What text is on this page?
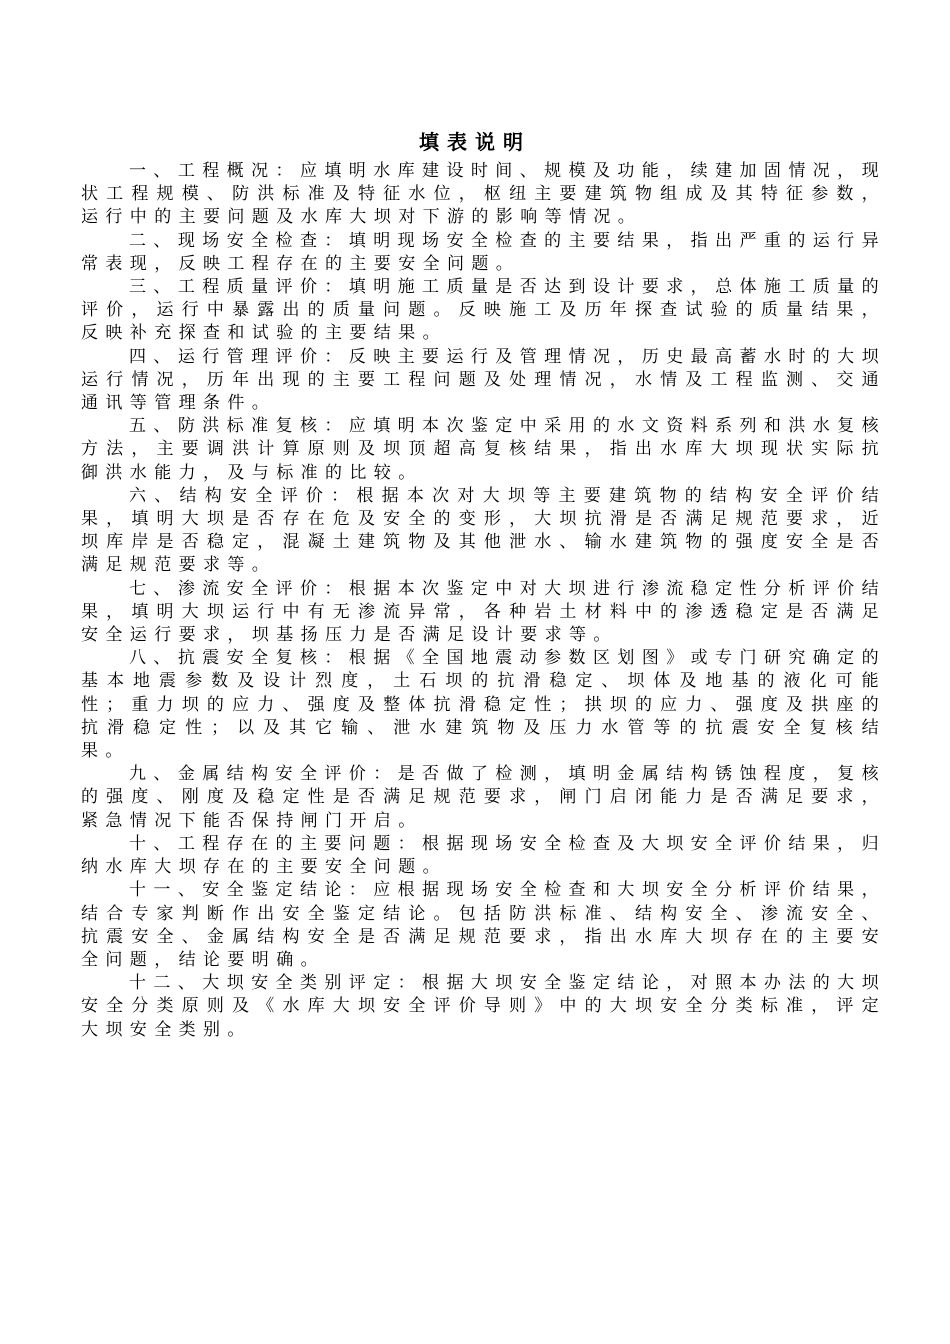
填表说明

一、工程概况：应填明水库建设时间、规模及功能，续建加固情况，现状工程规模、防洪标准及特征水位，枢纽主要建筑物组成及其特征参数，运行中的主要问题及水库大坝对下游的影响等情况。

二、现场安全检查：填明现场安全检查的主要结果，指出严重的运行异常表现，反映工程存在的主要安全问题。

三、工程质量评价：填明施工质量是否达到设计要求，总体施工质量的评价，运行中暴露出的质量问题。反映施工及历年探查试验的质量结果，反映补充探查和试验的主要结果。

四、运行管理评价：反映主要运行及管理情况，历史最高蓄水时的大坝运行情况，历年出现的主要工程问题及处理情况，水情及工程监测、交通通讯等管理条件。

五、防洪标准复核：应填明本次鉴定中采用的水文资料系列和洪水复核方法，主要调洪计算原则及坝顶超高复核结果，指出水库大坝现状实际抗御洪水能力，及与标准的比较。

六、结构安全评价：根据本次对大坝等主要建筑物的结构安全评价结果，填明大坝是否存在危及安全的变形，大坝抗滑是否满足规范要求，近坝库岸是否稳定，混凝土建筑物及其他泄水、输水建筑物的强度安全是否满足规范要求等。

七、渗流安全评价：根据本次鉴定中对大坝进行渗流稳定性分析评价结果，填明大坝运行中有无渗流异常，各种岩土材料中的渗透稳定是否满足安全运行要求，坝基扬压力是否满足设计要求等。

八、抗震安全复核：根据《全国地震动参数区划图》或专门研究确定的基本地震参数及设计烈度，土石坝的抗滑稳定、坝体及地基的液化可能性；重力坝的应力、强度及整体抗滑稳定性；拱坝的应力、强度及拱座的抗滑稳定性；以及其它输、泄水建筑物及压力水管等的抗震安全复核结果。

九、金属结构安全评价：是否做了检测，填明金属结构锈蚀程度，复核的强度、刚度及稳定性是否满足规范要求，闸门启闭能力是否满足要求，紧急情况下能否保持闸门开启。

十、工程存在的主要问题：根据现场安全检查及大坝安全评价结果，归纳水库大坝存在的主要安全问题。

十一、安全鉴定结论：应根据现场安全检查和大坝安全分析评价结果，结合专家判断作出安全鉴定结论。包括防洪标准、结构安全、渗流安全、抗震安全、金属结构安全是否满足规范要求，指出水库大坝存在的主要安全问题，结论要明确。

十二、大坝安全类别评定：根据大坝安全鉴定结论，对照本办法的大坝安全分类原则及《水库大坝安全评价导则》中的大坝安全分类标准，评定大坝安全类别。
